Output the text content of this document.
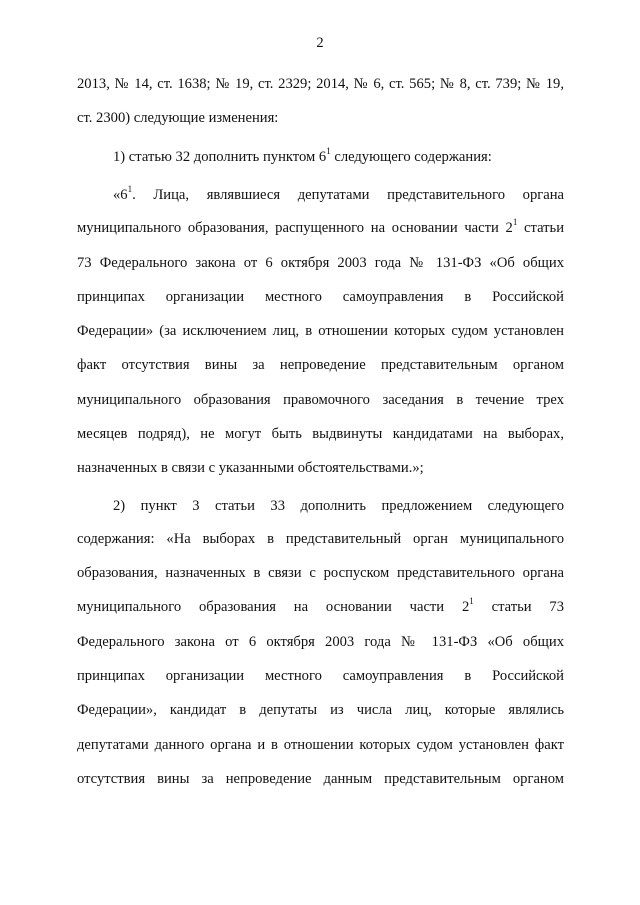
2
2013, № 14, ст. 1638; № 19, ст. 2329; 2014, № 6, ст. 565; № 8, ст. 739; № 19,
ст. 2300) следующие изменения:
1) статью 32 дополнить пунктом $6^1$ следующего содержания:
«$6^1$. Лица, являвшиеся депутатами представительного органа
муниципального образования, распущенного на основании части $2^1$ статьи
73 Федерального закона от 6 октября 2003 года № 131-ФЗ «Об общих
принципах организации местного самоуправления в Российской
Федерации» (за исключением лиц, в отношении которых судом установлен
факт отсутствия вины за непроведение представительным органом
муниципального образования правомочного заседания в течение трех
месяцев подряд), не могут быть выдвинуты кандидатами на выборах,
назначенных в связи с указанными обстоятельствами.»;
2) пункт 3 статьи 33 дополнить предложением следующего
содержания: «На выборах в представительный орган муниципального
образования, назначенных в связи с роспуском представительного органа
муниципального образования на основании части $2^1$ статьи 73
Федерального закона от 6 октября 2003 года № 131-ФЗ «Об общих
принципах организации местного самоуправления в Российской
Федерации», кандидат в депутаты из числа лиц, которые являлись
депутатами данного органа и в отношении которых судом установлен факт
отсутствия вины за непроведение данным представительным органом
